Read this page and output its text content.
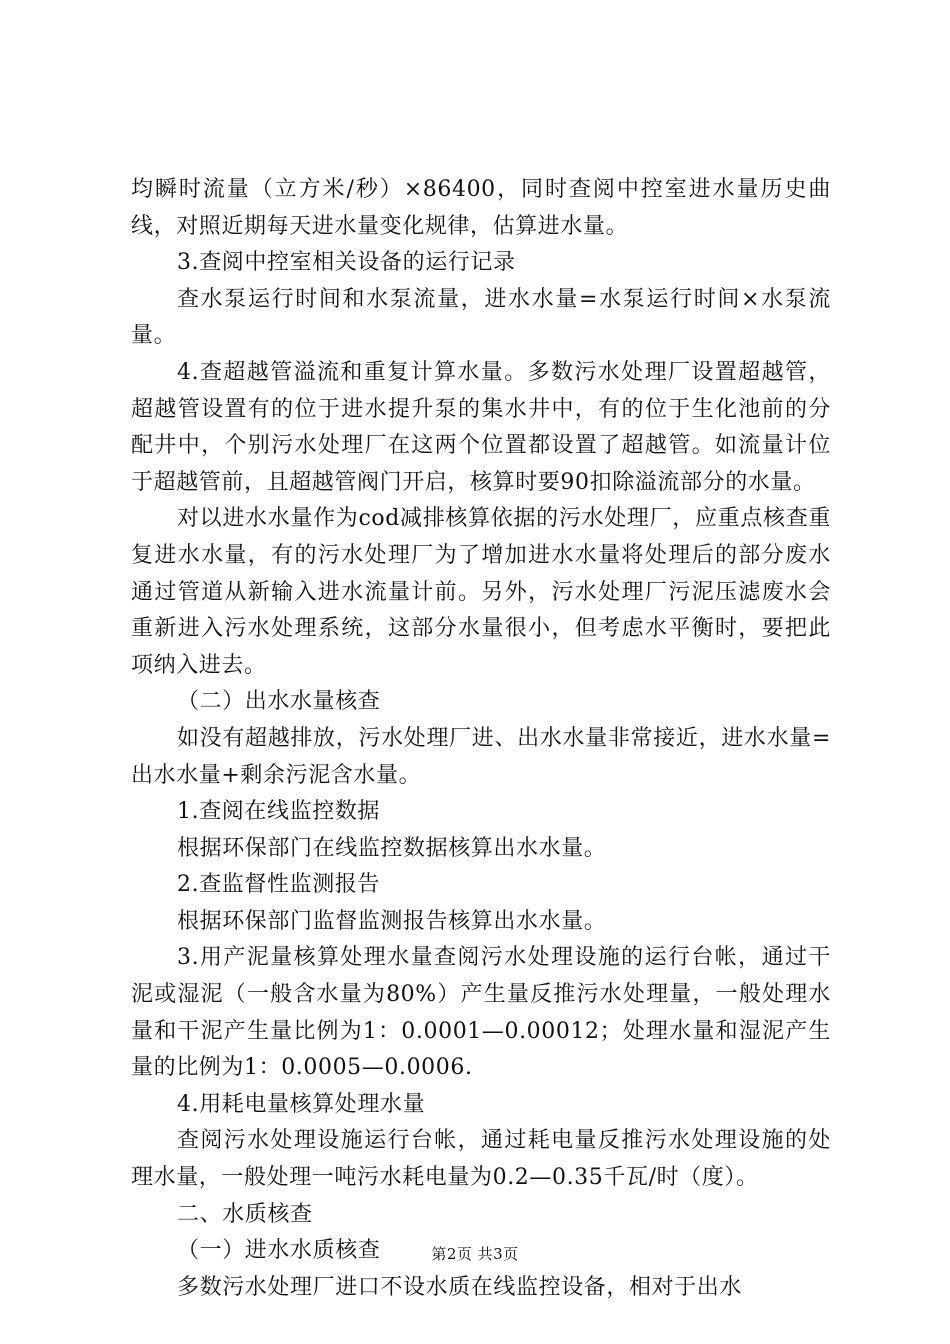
均瞬时流量（立方米/秒）×86400，同时查阅中控室进水量历史曲线，对照近期每天进水量变化规律，估算进水量。

3.查阅中控室相关设备的运行记录

查水泵运行时间和水泵流量，进水水量=水泵运行时间×水泵流量。

4.查超越管溢流和重复计算水量。多数污水处理厂设置超越管，超越管设置有的位于进水提升泵的集水井中，有的位于生化池前的分配井中，个别污水处理厂在这两个位置都设置了超越管。如流量计位于超越管前，且超越管阀门开启，核算时要90扣除溢流部分的水量。

对以进水水量作为cod减排核算依据的污水处理厂，应重点核查重复进水水量，有的污水处理厂为了增加进水水量将处理后的部分废水通过管道从新输入进水流量计前。另外，污水处理厂污泥压滤废水会重新进入污水处理系统，这部分水量很小，但考虑水平衡时，要把此项纳入进去。

（二）出水水量核查

如没有超越排放，污水处理厂进、出水水量非常接近，进水水量=出水水量+剩余污泥含水量。

1.查阅在线监控数据

根据环保部门在线监控数据核算出水水量。

2.查监督性监测报告

根据环保部门监督监测报告核算出水水量。

3.用产泥量核算处理水量查阅污水处理设施的运行台帐，通过干泥或湿泥（一般含水量为80%）产生量反推污水处理量，一般处理水量和干泥产生量比例为1：0.0001—0.00012；处理水量和湿泥产生量的比例为1：0.0005—0.0006.

4.用耗电量核算处理水量

查阅污水处理设施运行台帐，通过耗电量反推污水处理设施的处理水量，一般处理一吨污水耗电量为0.2—0.35千瓦/时（度）。

二、水质核查

（一）进水水质核查

多数污水处理厂进口不设水质在线监控设备，相对于出水

第2页 共3页
